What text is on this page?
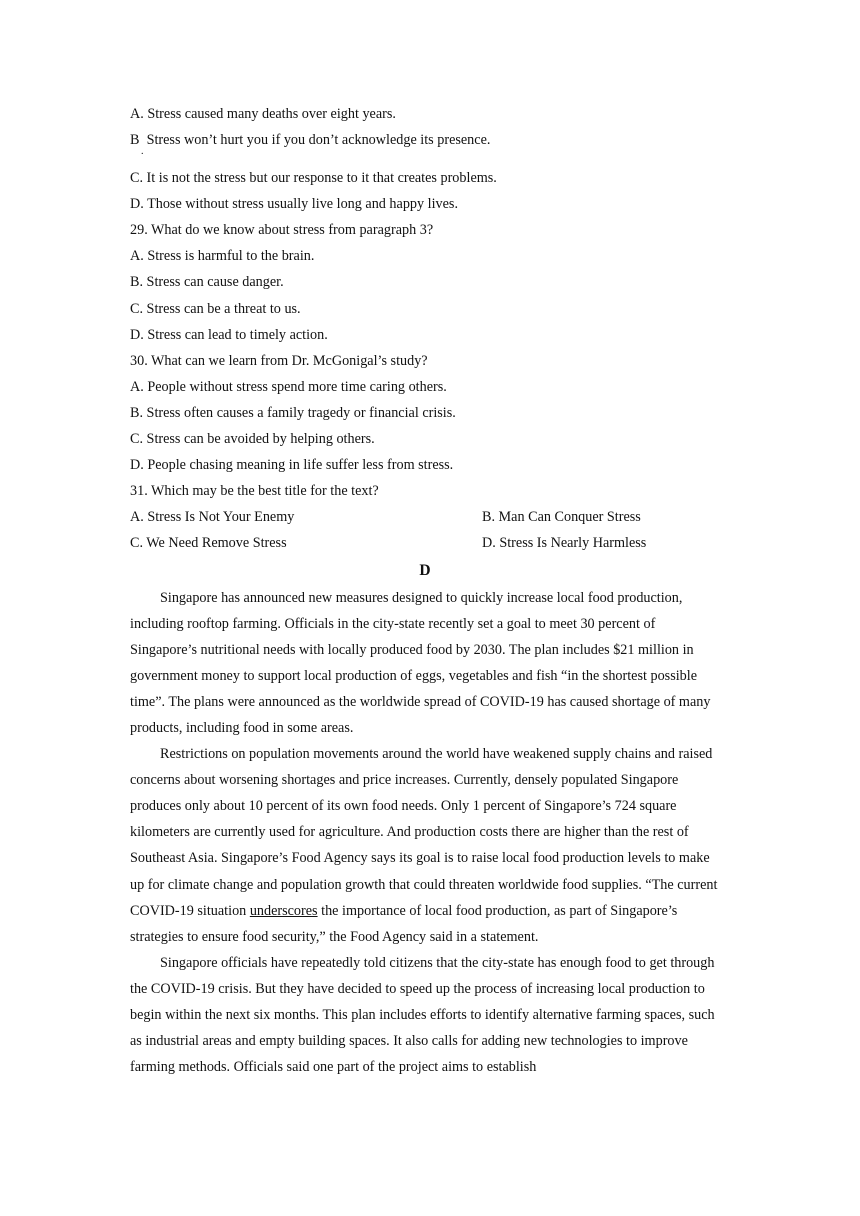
A. Stress caused many deaths over eight years.
B Stress won’t hurt you if you don’t acknowledge its presence.
.
C. It is not the stress but our response to it that creates problems.
D. Those without stress usually live long and happy lives.
29. What do we know about stress from paragraph 3?
A. Stress is harmful to the brain.
B. Stress can cause danger.
C. Stress can be a threat to us.
D. Stress can lead to timely action.
30. What can we learn from Dr. McGonigal’s study?
A. People without stress spend more time caring others.
B. Stress often causes a family tragedy or financial crisis.
C. Stress can be avoided by helping others.
D. People chasing meaning in life suffer less from stress.
31. Which may be the best title for the text?
A. Stress Is Not Your Enemy	B. Man Can Conquer Stress
C. We Need Remove Stress	D. Stress Is Nearly Harmless
D

Singapore has announced new measures designed to quickly increase local food production, including rooftop farming. Officials in the city-state recently set a goal to meet 30 percent of Singapore’s nutritional needs with locally produced food by 2030. The plan includes $21 million in government money to support local production of eggs, vegetables and fish “in the shortest possible time”. The plans were announced as the worldwide spread of COVID-19 has caused shortage of many products, including food in some areas.

Restrictions on population movements around the world have weakened supply chains and raised concerns about worsening shortages and price increases. Currently, densely populated Singapore produces only about 10 percent of its own food needs. Only 1 percent of Singapore’s 724 square kilometers are currently used for agriculture. And production costs there are higher than the rest of Southeast Asia. Singapore’s Food Agency says its goal is to raise local food production levels to make up for climate change and population growth that could threaten worldwide food supplies. “The current COVID-19 situation underscores the importance of local food production, as part of Singapore’s strategies to ensure food security,” the Food Agency said in a statement.

Singapore officials have repeatedly told citizens that the city-state has enough food to get through the COVID-19 crisis. But they have decided to speed up the process of increasing local production to begin within the next six months. This plan includes efforts to identify alternative farming spaces, such as industrial areas and empty building spaces. It also calls for adding new technologies to improve farming methods. Officials said one part of the project aims to establish
